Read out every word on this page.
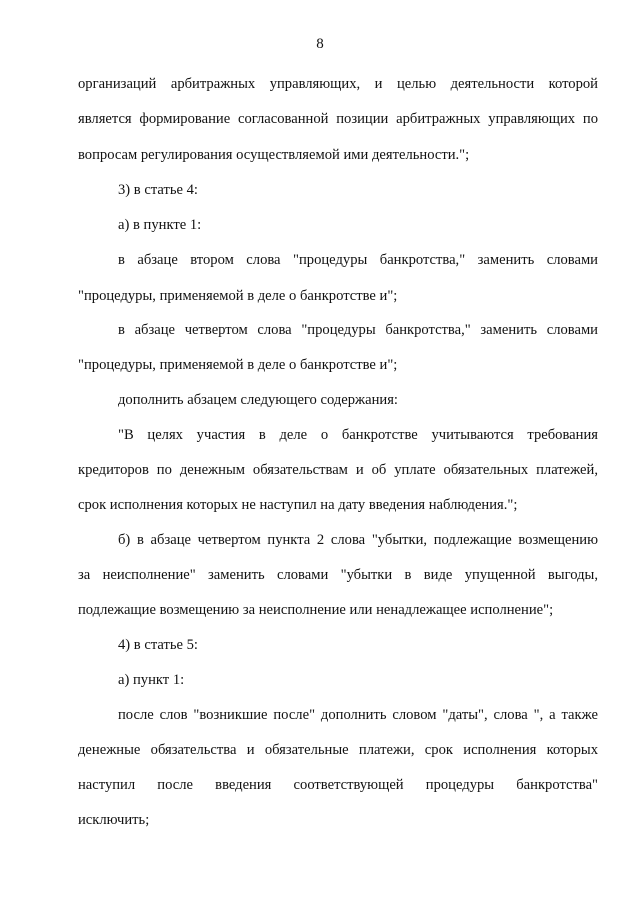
8
организаций арбитражных управляющих, и целью деятельности которой
является формирование согласованной позиции арбитражных управляющих по
вопросам регулирования осуществляемой ими деятельности.";
3) в статье 4:
а) в пункте 1:
в абзаце втором слова "процедуры банкротства," заменить словами
"процедуры, применяемой в деле о банкротстве и";
в абзаце четвертом слова "процедуры банкротства," заменить словами
"процедуры, применяемой в деле о банкротстве и";
дополнить абзацем следующего содержания:
"В целях участия в деле о банкротстве учитываются требования
кредиторов по денежным обязательствам и об уплате обязательных платежей,
срок исполнения которых не наступил на дату введения наблюдения.";
б) в абзаце четвертом пункта 2 слова "убытки, подлежащие возмещению
за неисполнение" заменить словами "убытки в виде упущенной выгоды,
подлежащие возмещению за неисполнение или ненадлежащее исполнение";
4) в статье 5:
а) пункт 1:
после слов "возникшие после" дополнить словом "даты", слова ", а также
денежные обязательства и обязательные платежи, срок исполнения которых
наступил после введения соответствующей процедуры банкротства"
исключить;
